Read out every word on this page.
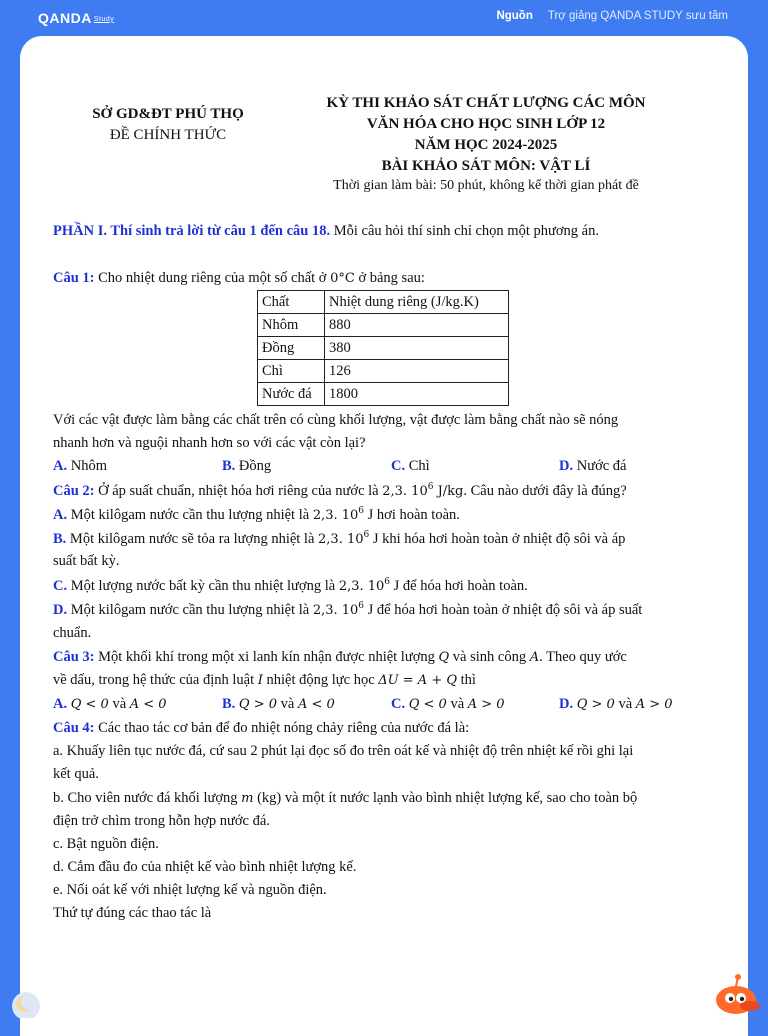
QANDA Study	Nguồn Trợ giảng QANDA STUDY sưu tầm
SỞ GD&ĐT PHÚ THỌ
ĐỀ CHÍNH THỨC
KỲ THI KHẢO SÁT CHẤT LƯỢNG CÁC MÔN
VĂN HÓA CHO HỌC SINH LỚP 12
NĂM HỌC 2024-2025
BÀI KHẢO SÁT MÔN: VẬT LÍ
Thời gian làm bài: 50 phút, không kể thời gian phát đề
PHẦN I. Thí sinh trả lời từ câu 1 đến câu 18. Mỗi câu hỏi thí sinh chỉ chọn một phương án.
Câu 1: Cho nhiệt dung riêng của một số chất ở 0°C ở bảng sau:
Chất	Nhiệt dung riêng (J/kg.K)
Nhôm	880
Đồng	380
Chì	126
Nước đá	1800
Với các vật được làm bằng các chất trên có cùng khối lượng, vật được làm bằng chất nào sẽ nóng
nhanh hơn và nguội nhanh hơn so với các vật còn lại?
A. Nhôm	B. Đồng	C. Chì	D. Nước đá
Câu 2: Ở áp suất chuẩn, nhiệt hóa hơi riêng của nước là 2,3. $10^6$ J/kg. Câu nào dưới đây là đúng?
A. Một kilôgam nước cần thu lượng nhiệt là 2,3. $10^6$ J hơi hoàn toàn.
B. Một kilôgam nước sẽ tỏa ra lượng nhiệt là 2,3. $10^6$ J khi hóa hơi hoàn toàn ở nhiệt độ sôi và áp
suất bất kỳ.
C. Một lượng nước bất kỳ cần thu nhiệt lượng là 2,3. $10^6$ J để hóa hơi hoàn toàn.
D. Một kilôgam nước cần thu lượng nhiệt là 2,3. $10^6$ J để hóa hơi hoàn toàn ở nhiệt độ sôi và áp suất
chuẩn.
Câu 3: Một khối khí trong một xi lanh kín nhận được nhiệt lượng Q và sinh công A. Theo quy ước
về dấu, trong hệ thức của định luật I nhiệt động lực học ΔU = A + Q thì
A. Q < 0 và A < 0	B. Q > 0 và A < 0	C. Q < 0 và A > 0	D. Q > 0 và A > 0
Câu 4: Các thao tác cơ bản để đo nhiệt nóng chảy riêng của nước đá là:
a. Khuấy liên tục nước đá, cứ sau 2 phút lại đọc số đo trên oát kế và nhiệt độ trên nhiệt kế rồi ghi lại
kết quả.
b. Cho viên nước đá khối lượng m (kg) và một ít nước lạnh vào bình nhiệt lượng kế, sao cho toàn bộ
điện trở chìm trong hỗn hợp nước đá.
c. Bật nguồn điện.
d. Cắm đầu đo của nhiệt kế vào bình nhiệt lượng kế.
e. Nối oát kế với nhiệt lượng kế và nguồn điện.
Thứ tự đúng các thao tác là
